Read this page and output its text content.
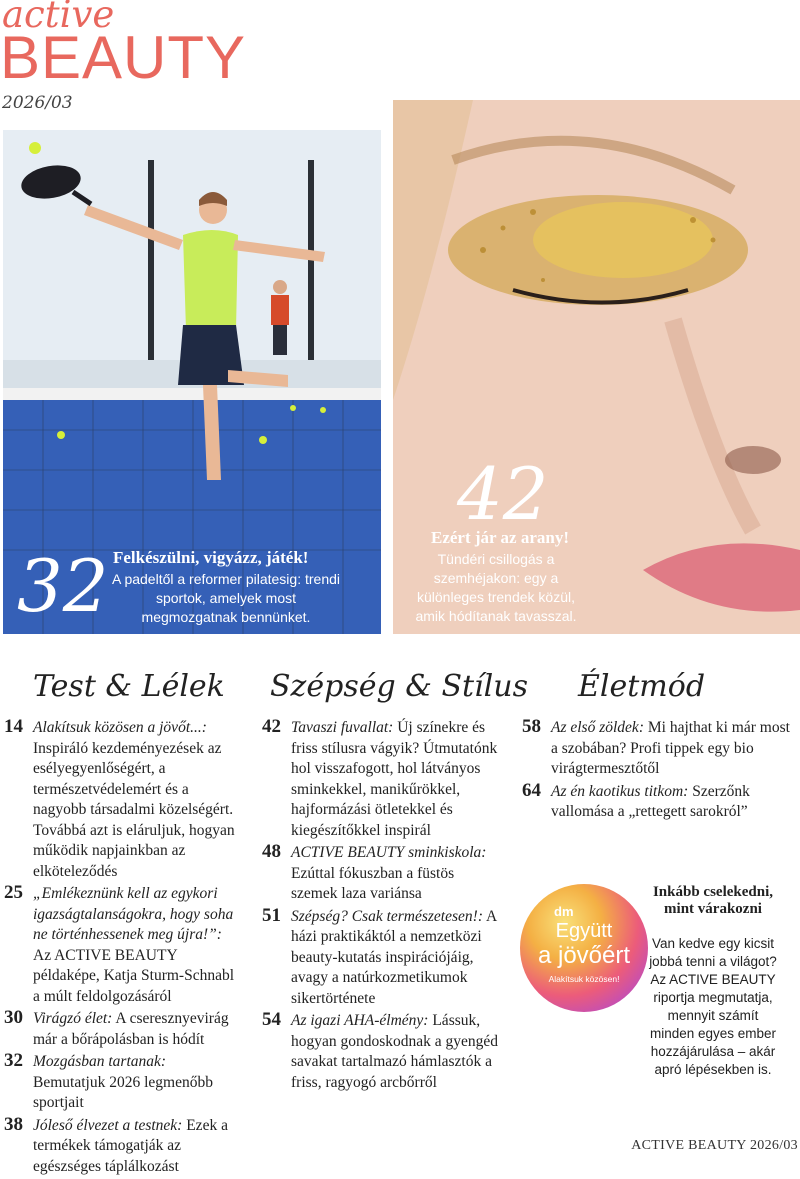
active
BEAUTY
2026/03
32 Felkészülni, vigyázz, játék!
A padeltől a reformer pilatesig: trendi sportok, amelyek most megmozgatnak bennünket.
42
Ezért jár az arany!
Tündéri csillogás a szemhéjakon: egy a különleges trendek közül, amik hódítanak tavasszal.
Test & Lélek Szépség & Stílus Életmód
14 Alakítsuk közösen a jövőt...: Inspiráló kezdeményezések az esélyegyenlőségért, a természetvédelemért és a nagyobb társadalmi közelségért. Továbbá azt is eláruljuk, hogyan működik napjainkban az elköteleződés
25 „Emlékeznünk kell az egykori igazságtalanságokra, hogy soha ne történhessenek meg újra!”: Az ACTIVE BEAUTY példaképe, Katja Sturm-Schnabl a múlt feldolgozásáról
30 Virágzó élet: A cseresznyevirág már a bőrápolásban is hódít
32 Mozgásban tartanak: Bemutatjuk 2026 legmenőbb sportjait
38 Jóleső élvezet a testnek: Ezek a termékek támogatják az egészséges táplálkozást
42 Tavaszi fuvallat: Új színekre és friss stílusra vágyik? Útmutatónk hol visszafogott, hol látványos sminkekkel, manikűrökkel, hajformázási ötletekkel és kiegészítőkkel inspirál
48 ACTIVE BEAUTY sminkiskola: Ezúttal fókuszban a füstös szemek laza variánsa
51 Szépség? Csak természetesen!: A házi praktikáktól a nemzetközi beauty-kutatás inspirációjáig, avagy a natúrkozmetikumok sikertörténete
54 Az igazi AHA-élmény: Lássuk, hogyan gondoskodnak a gyengéd savakat tartalmazó hámlasztók a friss, ragyogó arcbőrről
58 Az első zöldek: Mi hajthat ki már most a szobában? Profi tippek egy bio virágtermesztőtől
64 Az én kaotikus titkom: Szerzőnk vallomása a „rettegett sarokról”
dm
Együtt
a jövőért
Alakítsuk közösen!
Inkább cselekedni, mint várakozni
Van kedve egy kicsit jobbá tenni a világot? Az ACTIVE BEAUTY riportja megmutatja, mennyit számít minden egyes ember hozzájárulása – akár apró lépésekben is.
ACTIVE BEAUTY 2026/03
